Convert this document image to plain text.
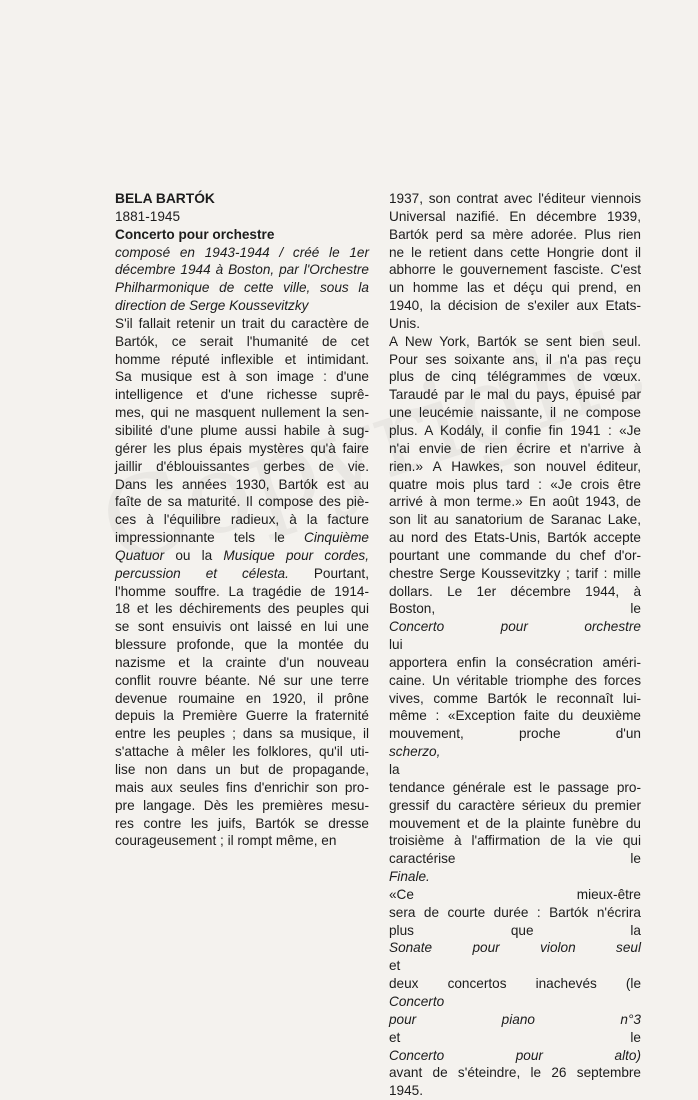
BELA BARTÓK

1881-1945

Concerto pour orchestre

composé en 1943-1944 / créé le 1er décembre 1944 à Boston, par l'Orchestre Philharmonique de cette ville, sous la direction de Serge Koussevitzky

S'il fallait retenir un trait du caractère de
Bartók, ce serait l'humanité de cet
homme réputé inflexible et intimidant.
Sa musique est à son image : d'une
intelligence et d'une richesse suprê-
mes, qui ne masquent nullement la sen-
sibilité d'une plume aussi habile à sug-
gérer les plus épais mystères qu'à faire
jaillir d'éblouissantes gerbes de vie.
Dans les années 1930, Bartók est au
faîte de sa maturité. Il compose des piè-
ces à l'équilibre radieux, à la facture
impressionnante tels le Cinquième
Quatuor ou la Musique pour cordes,
percussion et célesta. Pourtant,
l'homme souffre. La tragédie de 1914-
18 et les déchirements des peuples qui
se sont ensuivis ont laissé en lui une
blessure profonde, que la montée du
nazisme et la crainte d'un nouveau
conflit rouvre béante. Né sur une terre
devenue roumaine en 1920, il prône
depuis la Première Guerre la fraternité
entre les peuples ; dans sa musique, il
s'attache à mêler les folklores, qu'il uti-
lise non dans un but de propagande,
mais aux seules fins d'enrichir son pro-
pre langage. Dès les premières mesu-
res contre les juifs, Bartók se dresse
courageusement ; il rompt même, en

1937, son contrat avec l'éditeur viennois
Universal nazifié. En décembre 1939,
Bartók perd sa mère adorée. Plus rien
ne le retient dans cette Hongrie dont il
abhorre le gouvernement fasciste. C'est
un homme las et déçu qui prend, en
1940, la décision de s'exiler aux Etats-
Unis.

A New York, Bartók se sent bien seul.
Pour ses soixante ans, il n'a pas reçu
plus de cinq télégrammes de vœux.
Taraudé par le mal du pays, épuisé par
une leucémie naissante, il ne compose
plus. A Kodály, il confie fin 1941 : «Je
n'ai envie de rien écrire et n'arrive à
rien.» A Hawkes, son nouvel éditeur,
quatre mois plus tard : «Je crois être
arrivé à mon terme.» En août 1943, de
son lit au sanatorium de Saranac Lake,
au nord des Etats-Unis, Bartók accepte
pourtant une commande du chef d'or-
chestre Serge Koussevitzky ; tarif : mille
dollars. Le 1er décembre 1944, à
Boston, le
Concerto pour orchestre
lui
apportera enfin la consécration améri-
caine. Un véritable triomphe des forces
vives, comme Bartók le reconnaît lui-
même : «Exception faite du deuxième
mouvement, proche d'un
scherzo,
la
tendance générale est le passage pro-
gressif du caractère sérieux du premier
mouvement et de la plainte funèbre du
troisième à l'affirmation de la vie qui
caractérise le
Finale.
«Ce mieux-être
sera de courte durée : Bartók n'écrira
plus que la
Sonate pour violon seul
et
deux concertos inachevés (le
Concerto
pour piano n°3
et le
Concerto pour alto)
avant de s'éteindre, le 26 septembre 1945.
